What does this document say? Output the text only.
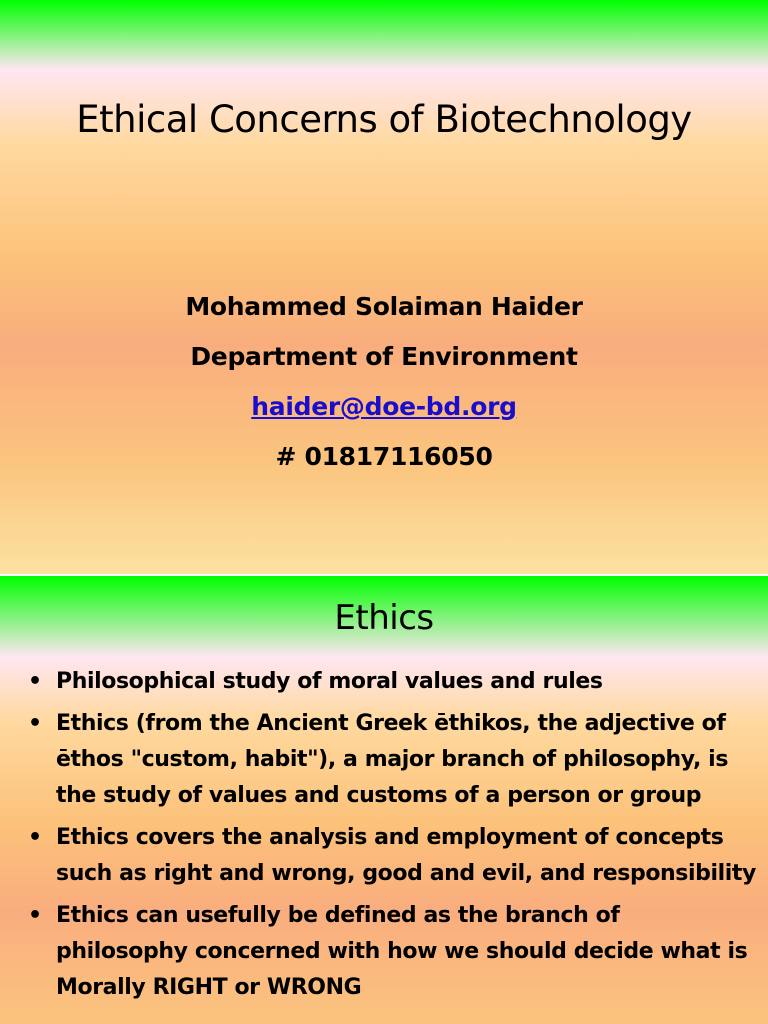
Ethical Concerns of Biotechnology
Mohammed Solaiman Haider
Department of Environment
haider@doe-bd.org
# 01817116050
Ethics
• Philosophical study of moral values and rules
• Ethics (from the Ancient Greek ēthikos, the adjective of ēthos "custom, habit"), a major branch of philosophy, is the study of values and customs of a person or group
• Ethics covers the analysis and employment of concepts such as right and wrong, good and evil, and responsibility
• Ethics can usefully be defined as the branch of philosophy concerned with how we should decide what is Morally RIGHT or WRONG
